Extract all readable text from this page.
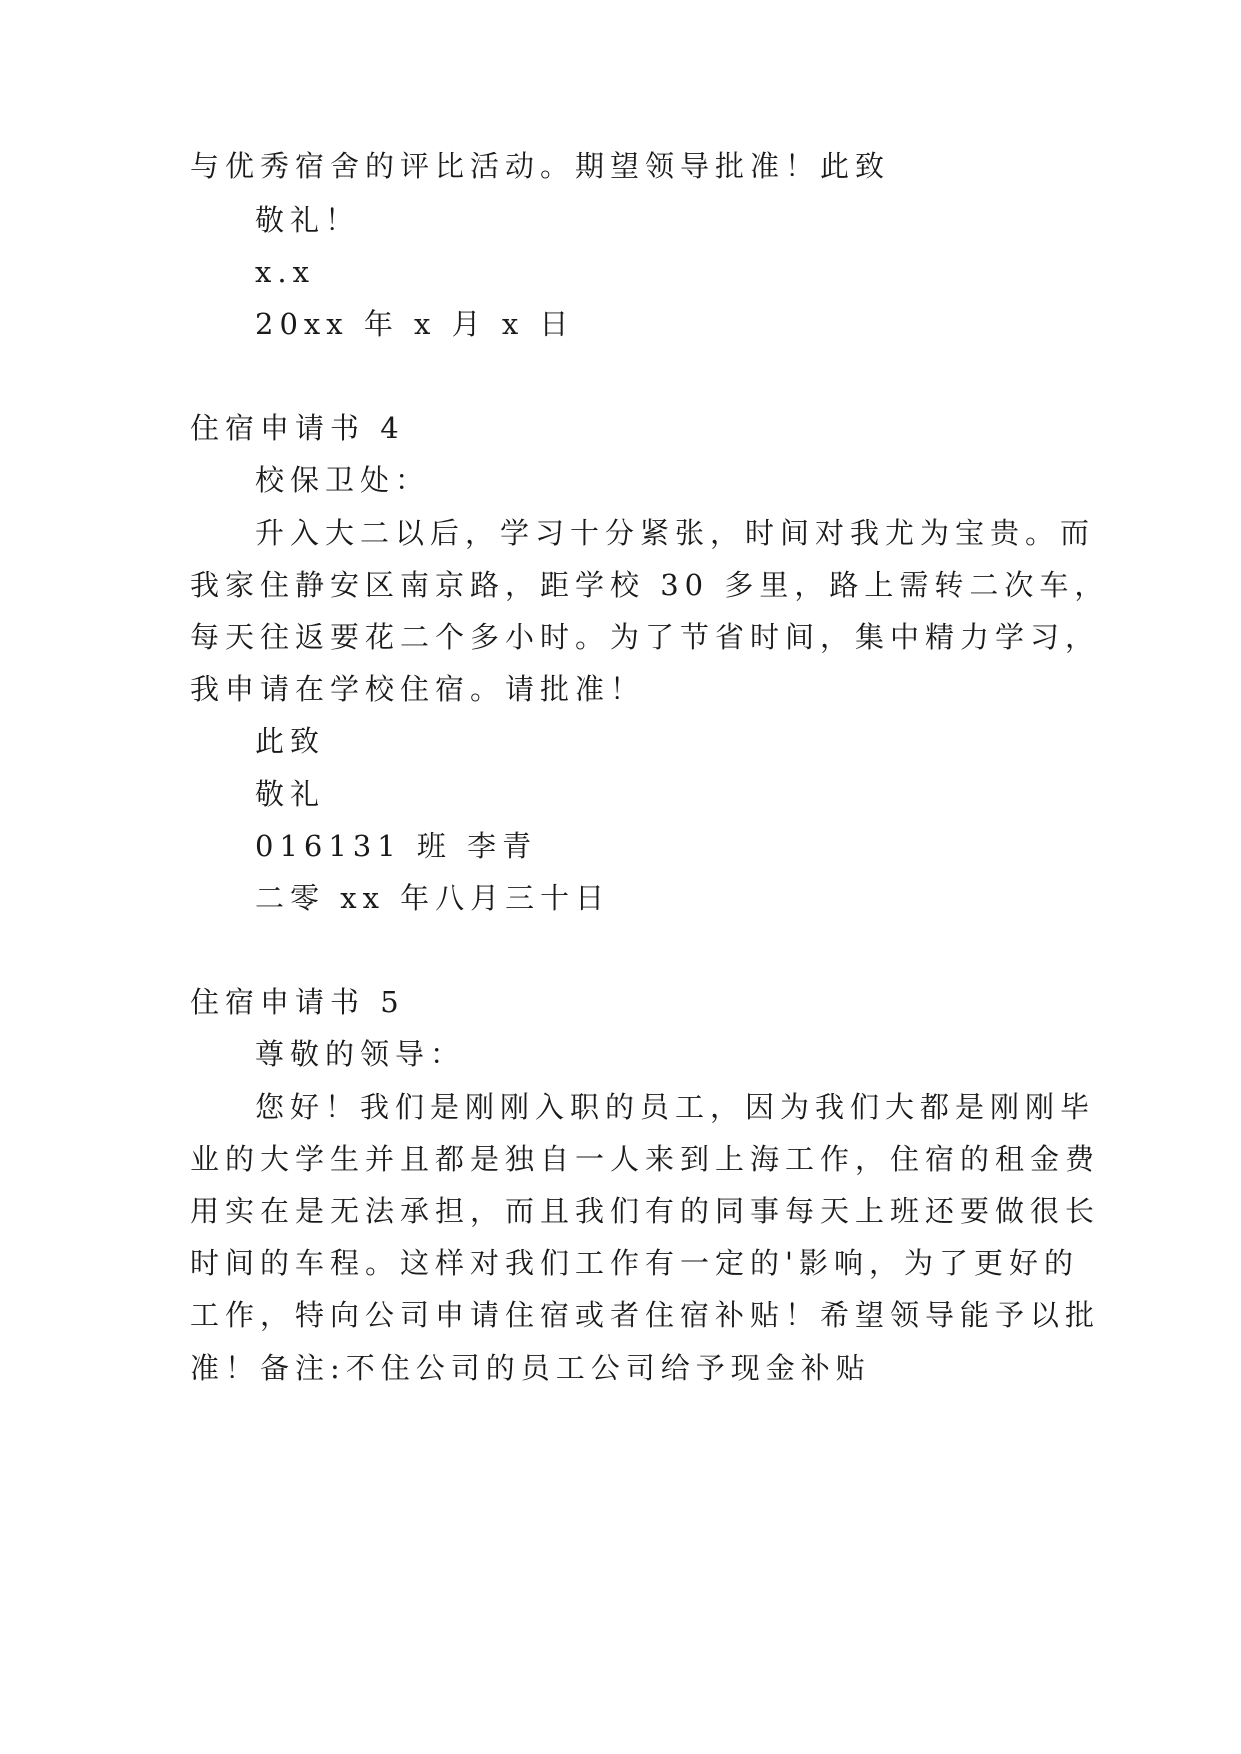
与优秀宿舍的评比活动。期望领导批准！此致
敬礼！
x.x
20xx 年 x 月 x 日
住宿申请书 4
校保卫处：
升入大二以后，学习十分紧张，时间对我尤为宝贵。而
我家住静安区南京路，距学校 30 多里，路上需转二次车，
每天往返要花二个多小时。为了节省时间，集中精力学习，
我申请在学校住宿。请批准！
此致
敬礼
016131 班 李青
二零 xx 年八月三十日
住宿申请书 5
尊敬的领导：
您好！我们是刚刚入职的员工，因为我们大都是刚刚毕
业的大学生并且都是独自一人来到上海工作，住宿的租金费
用实在是无法承担，而且我们有的同事每天上班还要做很长
时间的车程。这样对我们工作有一定的'影响，为了更好的
工作，特向公司申请住宿或者住宿补贴！希望领导能予以批
准！备注:不住公司的员工公司给予现金补贴
